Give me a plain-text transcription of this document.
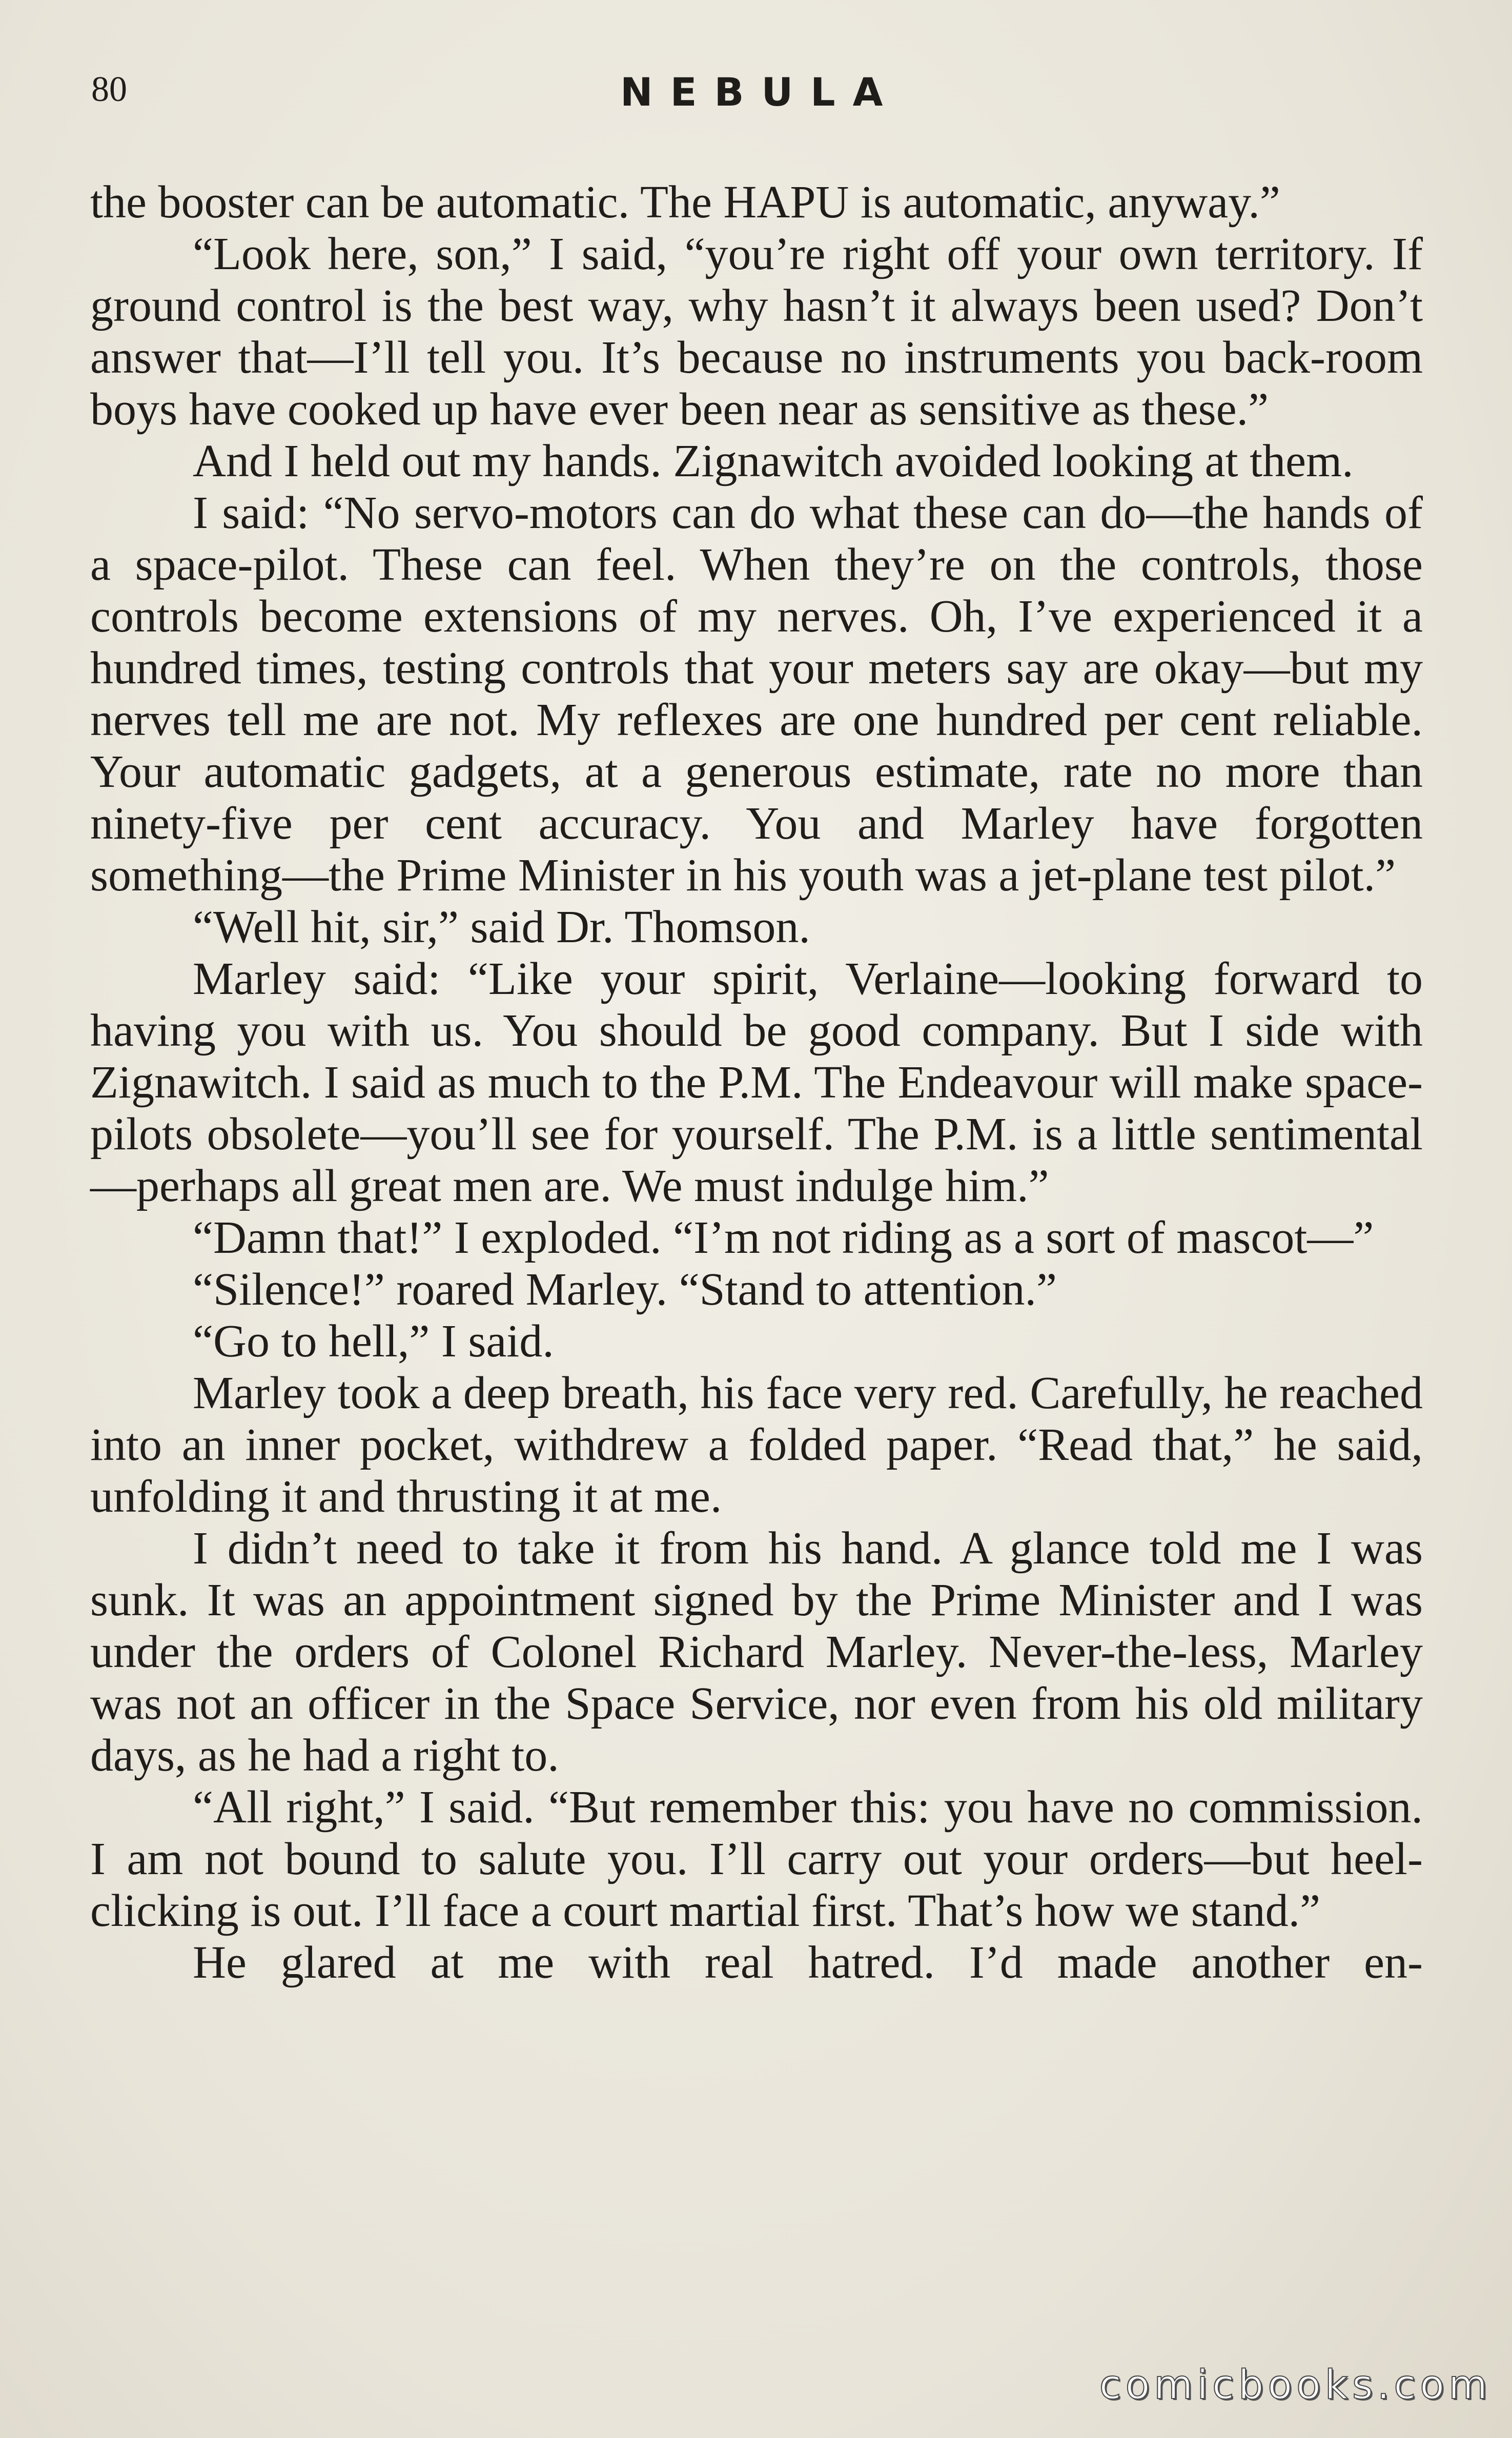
80	NEBULA

the booster can be automatic. The HAPU is automatic, anyway.”

“Look here, son,” I said, “you’re right off your own territory. If ground control is the best way, why hasn’t it always been used? Don’t answer that—I’ll tell you. It’s because no instruments you back-room boys have cooked up have ever been near as sensitive as these.”

And I held out my hands. Zignawitch avoided looking at them.

I said: “No servo-motors can do what these can do—the hands of a space-pilot. These can feel. When they’re on the controls, those controls become extensions of my nerves. Oh, I’ve experienced it a hundred times, testing controls that your meters say are okay—but my nerves tell me are not. My reflexes are one hundred per cent reliable. Your automatic gadgets, at a generous estimate, rate no more than ninety-five per cent accuracy. You and Marley have forgotten something—the Prime Minister in his youth was a jet-plane test pilot.”

“Well hit, sir,” said Dr. Thomson.

Marley said: “Like your spirit, Verlaine—looking forward to having you with us. You should be good company. But I side with Zignawitch. I said as much to the P.M. The Endeavour will make space-pilots obsolete—you’ll see for yourself. The P.M. is a little sentimental—perhaps all great men are. We must indulge him.”

“Damn that!” I exploded. “I’m not riding as a sort of mascot—”

“Silence!” roared Marley. “Stand to attention.”

“Go to hell,” I said.

Marley took a deep breath, his face very red. Carefully, he reached into an inner pocket, withdrew a folded paper. “Read that,” he said, unfolding it and thrusting it at me.

I didn’t need to take it from his hand. A glance told me I was sunk. It was an appointment signed by the Prime Minister and I was under the orders of Colonel Richard Marley. Never-the-less, Marley was not an officer in the Space Service, nor even from his old military days, as he had a right to.

“All right,” I said. “But remember this: you have no commission. I am not bound to salute you. I’ll carry out your orders—but heel-clicking is out. I’ll face a court martial first. That’s how we stand.”

He glared at me with real hatred. I’d made another en-

comicbooks.com
